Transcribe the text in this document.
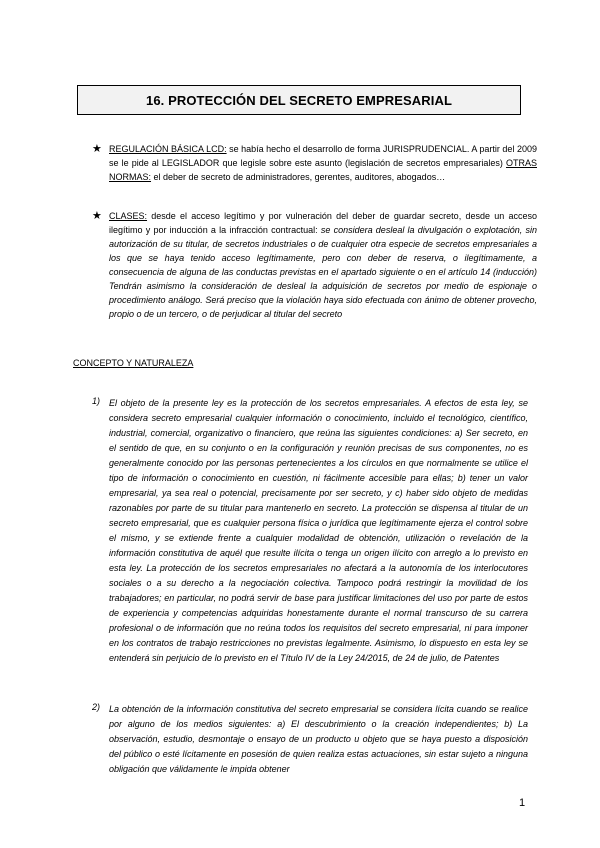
16. PROTECCIÓN DEL SECRETO EMPRESARIAL
★ REGULACIÓN BÁSICA LCD: se había hecho el desarrollo de forma JURISPRUDENCIAL. A partir del 2009 se le pide al LEGISLADOR que legisle sobre este asunto (legislación de secretos empresariales) OTRAS NORMAS: el deber de secreto de administradores, gerentes, auditores, abogados…
★ CLASES: desde el acceso legítimo y por vulneración del deber de guardar secreto, desde un acceso ilegítimo y por inducción a la infracción contractual: se considera desleal la divulgación o explotación, sin autorización de su titular, de secretos industriales o de cualquier otra especie de secretos empresariales a los que se haya tenido acceso legítimamente, pero con deber de reserva, o ilegítimamente, a consecuencia de alguna de las conductas previstas en el apartado siguiente o en el artículo 14 (inducción) Tendrán asimismo la consideración de desleal la adquisición de secretos por medio de espionaje o procedimiento análogo. Será preciso que la violación haya sido efectuada con ánimo de obtener provecho, propio o de un tercero, o de perjudicar al titular del secreto
CONCEPTO Y NATURALEZA
1) El objeto de la presente ley es la protección de los secretos empresariales. A efectos de esta ley, se considera secreto empresarial cualquier información o conocimiento, incluido el tecnológico, científico, industrial, comercial, organizativo o financiero, que reúna las siguientes condiciones: a) Ser secreto, en el sentido de que, en su conjunto o en la configuración y reunión precisas de sus componentes, no es generalmente conocido por las personas pertenecientes a los círculos en que normalmente se utilice el tipo de información o conocimiento en cuestión, ni fácilmente accesible para ellas; b) tener un valor empresarial, ya sea real o potencial, precisamente por ser secreto, y c) haber sido objeto de medidas razonables por parte de su titular para mantenerlo en secreto. La protección se dispensa al titular de un secreto empresarial, que es cualquier persona física o jurídica que legítimamente ejerza el control sobre el mismo, y se extiende frente a cualquier modalidad de obtención, utilización o revelación de la información constitutiva de aquél que resulte ilícita o tenga un origen ilícito con arreglo a lo previsto en esta ley. La protección de los secretos empresariales no afectará a la autonomía de los interlocutores sociales o a su derecho a la negociación colectiva. Tampoco podrá restringir la movilidad de los trabajadores; en particular, no podrá servir de base para justificar limitaciones del uso por parte de estos de experiencia y competencias adquiridas honestamente durante el normal transcurso de su carrera profesional o de información que no reúna todos los requisitos del secreto empresarial, ni para imponer en los contratos de trabajo restricciones no previstas legalmente. Asimismo, lo dispuesto en esta ley se entenderá sin perjuicio de lo previsto en el Título IV de la Ley 24/2015, de 24 de julio, de Patentes
2) La obtención de la información constitutiva del secreto empresarial se considera lícita cuando se realice por alguno de los medios siguientes: a) El descubrimiento o la creación independientes; b) La observación, estudio, desmontaje o ensayo de un producto u objeto que se haya puesto a disposición del público o esté lícitamente en posesión de quien realiza estas actuaciones, sin estar sujeto a ninguna obligación que válidamente le impida obtener
1
